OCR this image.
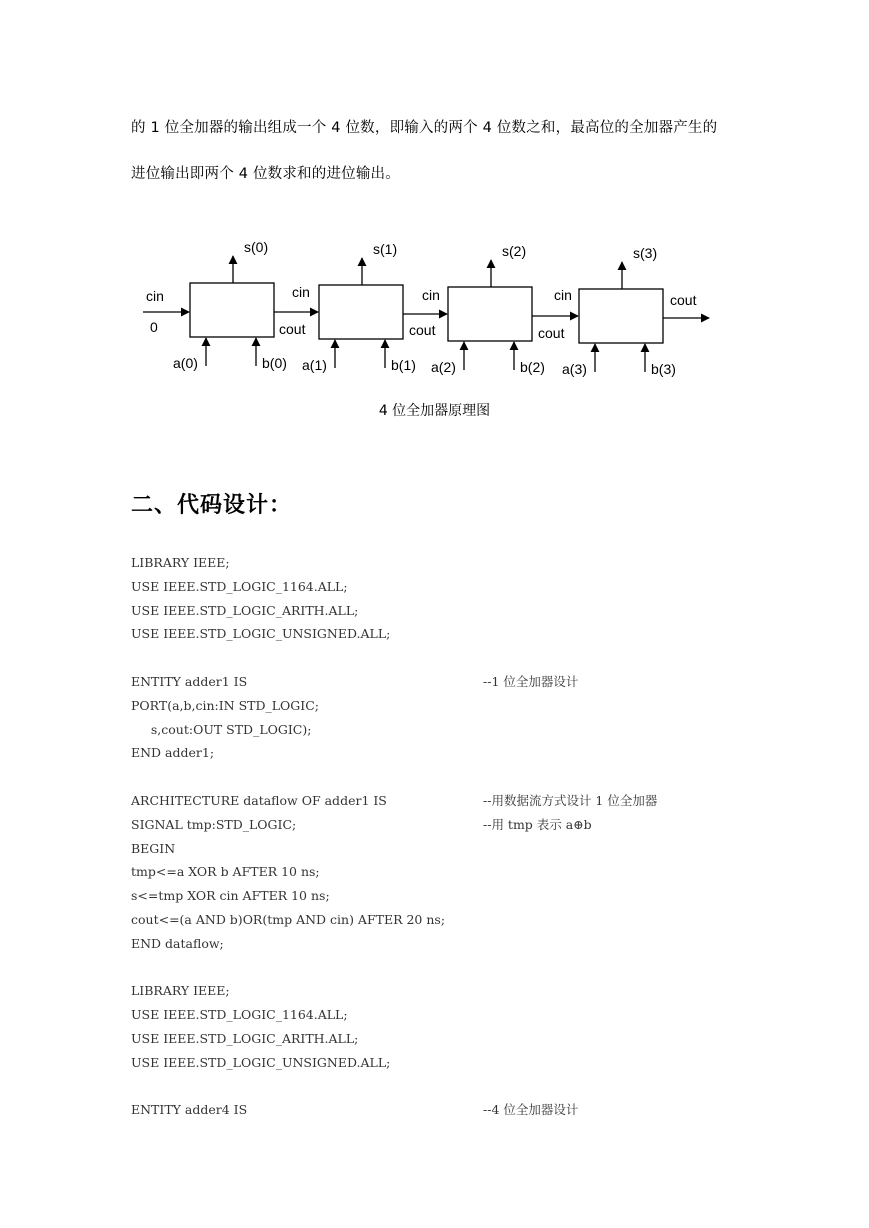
的 1 位全加器的输出组成一个 4 位数，即输入的两个 4 位数之和，最高位的全加器产生的
进位输出即两个 4 位数求和的进位输出。
cin
0
s(0)
a(0)	b(0)
cout
cin
s(1)
a(1)	b(1)
cout
cin
s(2)
a(2)	b(2)
cout
cin
s(3)
a(3)	b(3)
cout
4 位全加器原理图
二、代码设计：
LIBRARY IEEE;
USE IEEE.STD_LOGIC_1164.ALL;
USE IEEE.STD_LOGIC_ARITH.ALL;
USE IEEE.STD_LOGIC_UNSIGNED.ALL;
ENTITY adder1 IS	--1 位全加器设计
PORT(a,b,cin:IN STD_LOGIC;
s,cout:OUT STD_LOGIC);
END adder1;
ARCHITECTURE dataflow OF adder1 IS	--用数据流方式设计 1 位全加器
SIGNAL tmp:STD_LOGIC;	--用 tmp 表示 a⊕b
BEGIN
tmp<=a XOR b AFTER 10 ns;
s<=tmp XOR cin AFTER 10 ns;
cout<=(a AND b)OR(tmp AND cin) AFTER 20 ns;
END dataflow;
LIBRARY IEEE;
USE IEEE.STD_LOGIC_1164.ALL;
USE IEEE.STD_LOGIC_ARITH.ALL;
USE IEEE.STD_LOGIC_UNSIGNED.ALL;
ENTITY adder4 IS	--4 位全加器设计
